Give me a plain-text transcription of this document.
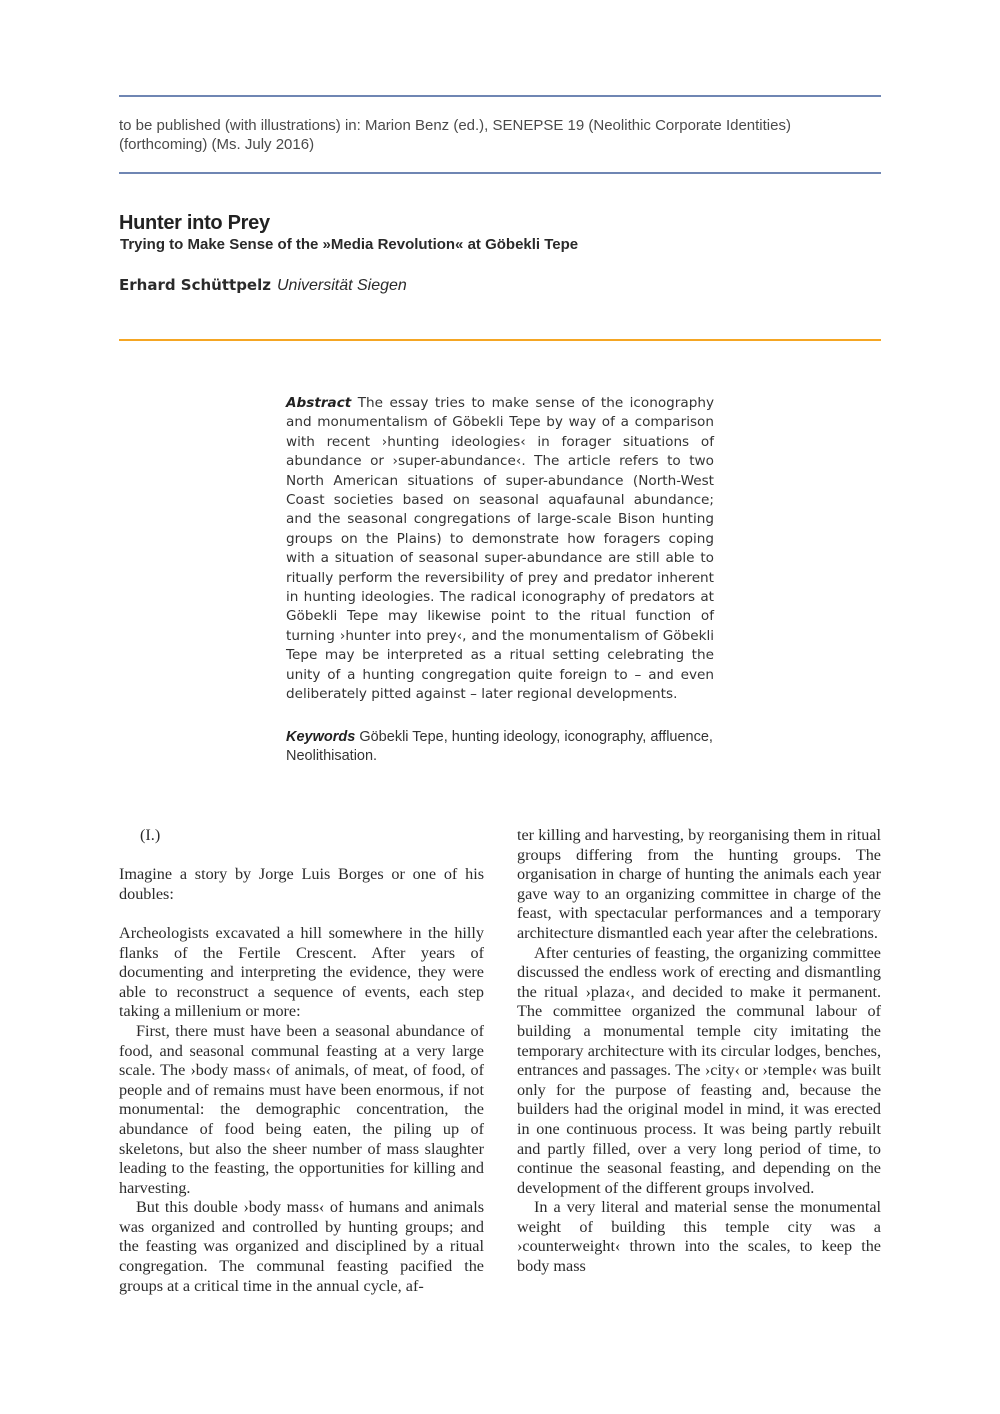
to be published (with illustrations) in: Marion Benz (ed.), SENEPSE 19 (Neolithic Corporate Identities) (forthcoming) (Ms. July 2016)
Hunter into Prey
Trying to Make Sense of the »Media Revolution« at Göbekli Tepe
Erhard Schüttpelz Universität Siegen
Abstract The essay tries to make sense of the iconography and monumentalism of Göbekli Tepe by way of a comparison with recent ›hunting ideologies‹ in forager situations of abundance or ›super-abundance‹. The article refers to two North American situations of super-abundance (North-West Coast societies based on seasonal aquafaunal abundance; and the seasonal congregations of large-scale Bison hunting groups on the Plains) to demonstrate how foragers coping with a situation of seasonal super-abundance are still able to ritually perform the reversibility of prey and predator inherent in hunting ideologies. The radical iconography of predators at Göbekli Tepe may likewise point to the ritual function of turning ›hunter into prey‹, and the monumentalism of Göbekli Tepe may be interpreted as a ritual setting celebrating the unity of a hunting congregation quite foreign to – and even deliberately pitted against – later regional developments.
Keywords Göbekli Tepe, hunting ideology, iconography, affluence, Neolithisation.

(I.)

Imagine a story by Jorge Luis Borges or one of his doubles:

Archeologists excavated a hill somewhere in the hilly flanks of the Fertile Crescent. After years of documenting and interpreting the evidence, they were able to reconstruct a sequence of events, each step taking a millenium or more:

First, there must have been a seasonal abundance of food, and seasonal communal feasting at a very large scale. The ›body mass‹ of animals, of meat, of food, of people and of remains must have been enormous, if not monumental: the demographic concentration, the abundance of food being eaten, the piling up of skeletons, but also the sheer number of mass slaughter leading to the feasting, the opportunities for killing and harvesting.

But this double ›body mass‹ of humans and animals was organized and controlled by hunting groups; and the feasting was organized and disciplined by a ritual congregation. The communal feasting pacified the groups at a critical time in the annual cycle, af-

ter killing and harvesting, by reorganising them in ritual groups differing from the hunting groups. The organisation in charge of hunting the animals each year gave way to an organizing committee in charge of the feast, with spectacular performances and a temporary architecture dismantled each year after the celebrations.

After centuries of feasting, the organizing committee discussed the endless work of erecting and dismantling the ritual ›plaza‹, and decided to make it permanent. The committee organized the communal labour of building a monumental temple city imitating the temporary architecture with its circular lodges, benches, entrances and passages. The ›city‹ or ›temple‹ was built only for the purpose of feasting and, because the builders had the original model in mind, it was erected in one continuous process. It was being partly rebuilt and partly filled, over a very long period of time, to continue the seasonal feasting, and depending on the development of the different groups involved.

In a very literal and material sense the monumental weight of building this temple city was a ›counterweight‹ thrown into the scales, to keep the body mass
